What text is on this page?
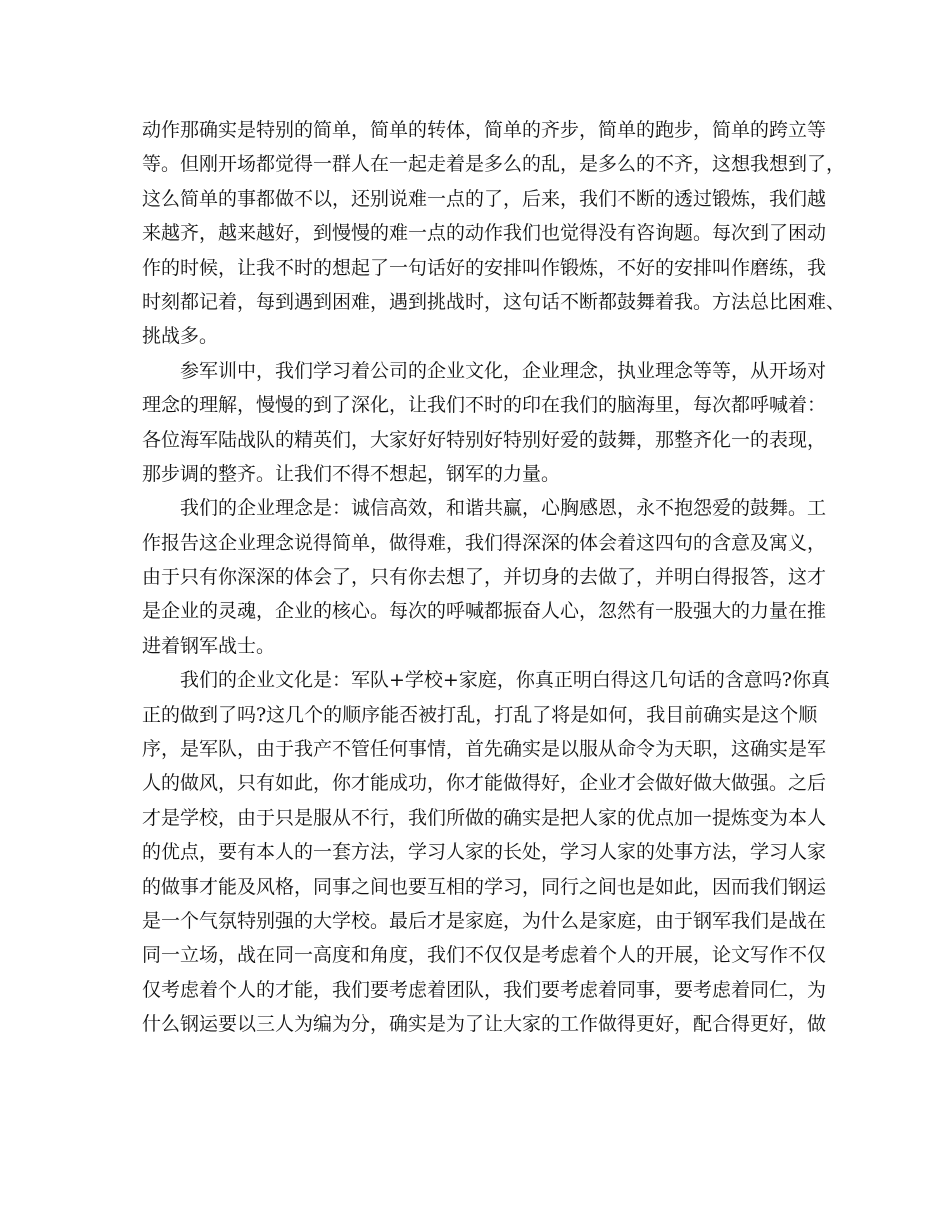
动作那确实是特别的简单，简单的转体，简单的齐步，简单的跑步，简单的跨立等
等。但刚开场都觉得一群人在一起走着是多么的乱，是多么的不齐，这想我想到了，
这么简单的事都做不以，还别说难一点的了，后来，我们不断的透过锻炼，我们越
来越齐，越来越好，到慢慢的难一点的动作我们也觉得没有咨询题。每次到了困动
作的时候，让我不时的想起了一句话好的安排叫作锻炼，不好的安排叫作磨练，我
时刻都记着，每到遇到困难，遇到挑战时，这句话不断都鼓舞着我。方法总比困难、
挑战多。
参军训中，我们学习着公司的企业文化，企业理念，执业理念等等，从开场对
理念的理解，慢慢的到了深化，让我们不时的印在我们的脑海里，每次都呼喊着：
各位海军陆战队的精英们，大家好好特别好特别好爱的鼓舞，那整齐化一的表现，
那步调的整齐。让我们不得不想起，钢军的力量。
我们的企业理念是：诚信高效，和谐共赢，心胸感恩，永不抱怨爱的鼓舞。工
作报告这企业理念说得简单，做得难，我们得深深的体会着这四句的含意及寓义，
由于只有你深深的体会了，只有你去想了，并切身的去做了，并明白得报答，这才
是企业的灵魂，企业的核心。每次的呼喊都振奋人心，忽然有一股强大的力量在推
进着钢军战士。
我们的企业文化是：军队+学校+家庭，你真正明白得这几句话的含意吗?你真
正的做到了吗?这几个的顺序能否被打乱，打乱了将是如何，我目前确实是这个顺
序，是军队，由于我产不管任何事情，首先确实是以服从命令为天职，这确实是军
人的做风，只有如此，你才能成功，你才能做得好，企业才会做好做大做强。之后
才是学校，由于只是服从不行，我们所做的确实是把人家的优点加一提炼变为本人
的优点，要有本人的一套方法，学习人家的长处，学习人家的处事方法，学习人家
的做事才能及风格，同事之间也要互相的学习，同行之间也是如此，因而我们钢运
是一个气氛特别强的大学校。最后才是家庭，为什么是家庭，由于钢军我们是战在
同一立场，战在同一高度和角度，我们不仅仅是考虑着个人的开展，论文写作不仅
仅考虑着个人的才能，我们要考虑着团队，我们要考虑着同事，要考虑着同仁，为
什么钢运要以三人为编为分，确实是为了让大家的工作做得更好，配合得更好，做
